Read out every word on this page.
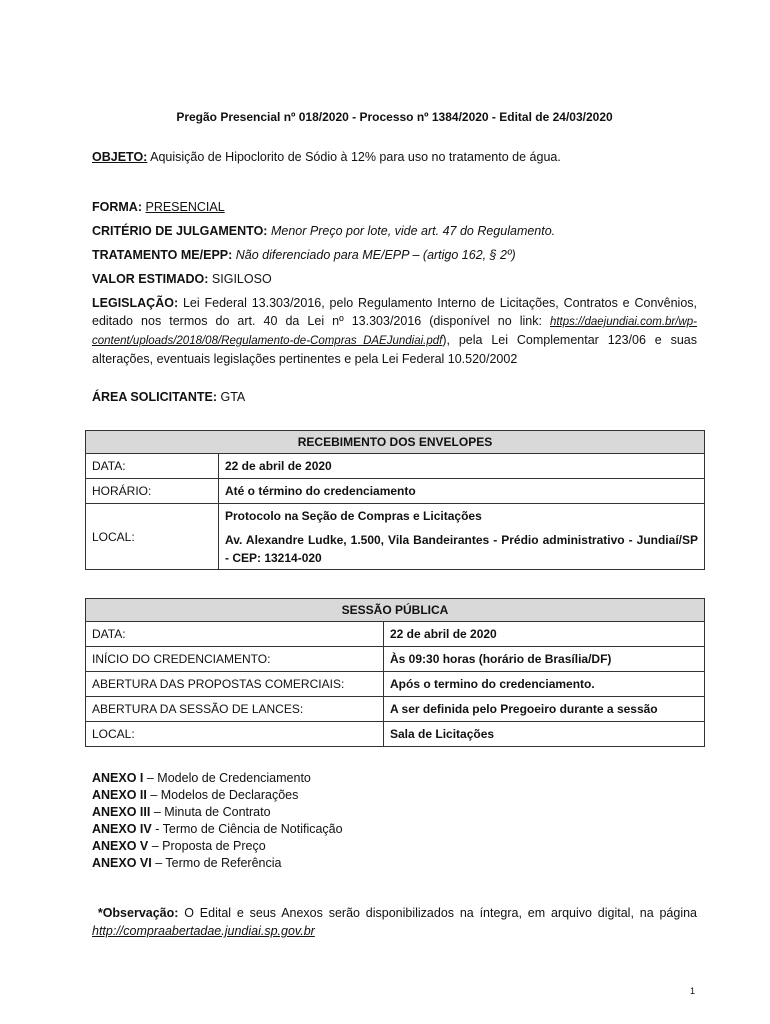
Pregão Presencial nº 018/2020 - Processo nº 1384/2020 - Edital de 24/03/2020
OBJETO: Aquisição de Hipoclorito de Sódio à 12% para uso no tratamento de água.
FORMA: PRESENCIAL
CRITÉRIO DE JULGAMENTO: Menor Preço por lote, vide art. 47 do Regulamento.
TRATAMENTO ME/EPP: Não diferenciado para ME/EPP – (artigo 162, § 2º)
VALOR ESTIMADO: SIGILOSO
LEGISLAÇÃO: Lei Federal 13.303/2016, pelo Regulamento Interno de Licitações, Contratos e Convênios, editado nos termos do art. 40 da Lei nº 13.303/2016 (disponível no link: https://daejundiai.com.br/wp-content/uploads/2018/08/Regulamento-de-Compras_DAEJundiai.pdf), pela Lei Complementar 123/06 e suas alterações, eventuais legislações pertinentes e pela Lei Federal 10.520/2002
ÁREA SOLICITANTE: GTA
RECEBIMENTO DOS ENVELOPES	
DATA:	22 de abril de 2020
HORÁRIO:	Até o término do credenciamento
LOCAL:	Protocolo na Seção de Compras e Licitações
Av. Alexandre Ludke, 1.500, Vila Bandeirantes - Prédio administrativo - Jundiaí/SP - CEP: 13214-020
SESSÃO PÚBLICA	
DATA:	22 de abril de 2020
INÍCIO DO CREDENCIAMENTO:	Às 09:30 horas (horário de Brasília/DF)
ABERTURA DAS PROPOSTAS COMERCIAIS:	Após o termino do credenciamento.
ABERTURA DA SESSÃO DE LANCES:	A ser definida pelo Pregoeiro durante a sessão
LOCAL:	Sala de Licitações
ANEXO I – Modelo de Credenciamento
ANEXO II – Modelos de Declarações
ANEXO III – Minuta de Contrato
ANEXO IV - Termo de Ciência de Notificação
ANEXO V – Proposta de Preço
ANEXO VI – Termo de Referência
*Observação: O Edital e seus Anexos serão disponibilizados na íntegra, em arquivo digital, na página http://compraabertadae.jundiai.sp.gov.br
1
